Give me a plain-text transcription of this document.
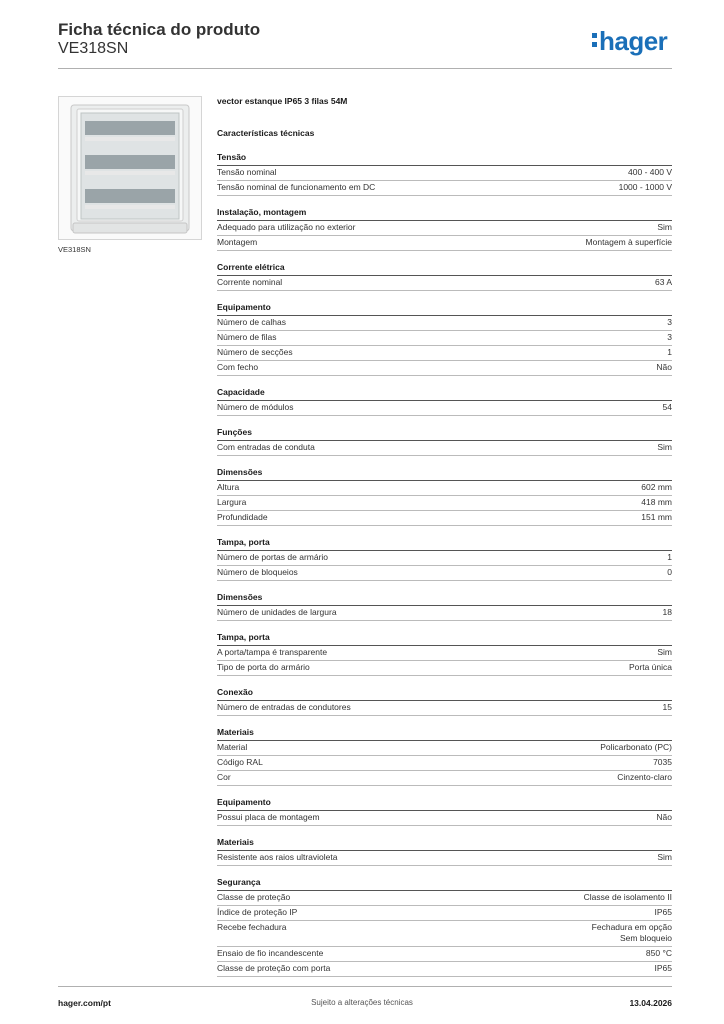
Ficha técnica do produto
VE318SN	hager
VE318SN
vector estanque IP65 3 filas 54M
Características técnicas
Tensão
Tensão nominal	400 - 400 V
Tensão nominal de funcionamento em DC	1000 - 1000 V
Instalação, montagem
Adequado para utilização no exterior	Sim
Montagem	Montagem à superfície
Corrente elétrica
Corrente nominal	63 A
Equipamento
Número de calhas	3
Número de filas	3
Número de secções	1
Com fecho	Não
Capacidade
Número de módulos	54
Funções
Com entradas de conduta	Sim
Dimensões
Altura	602 mm
Largura	418 mm
Profundidade	151 mm
Tampa, porta
Número de portas de armário	1
Número de bloqueios	0
Dimensões
Número de unidades de largura	18
Tampa, porta
A porta/tampa é transparente	Sim
Tipo de porta do armário	Porta única
Conexão
Número de entradas de condutores	15
Materiais
Material	Policarbonato (PC)
Código RAL	7035
Cor	Cinzento-claro
Equipamento
Possui placa de montagem	Não
Materiais
Resistente aos raios ultravioleta	Sim
Segurança
Classe de proteção	Classe de isolamento II
Índice de proteção IP	IP65
Recebe fechadura	Fechadura em opção
Sem bloqueio
Ensaio de fio incandescente	850 °C
Classe de proteção com porta	IP65
hager.com/pt	Sujeito a alterações técnicas	13.04.2026
